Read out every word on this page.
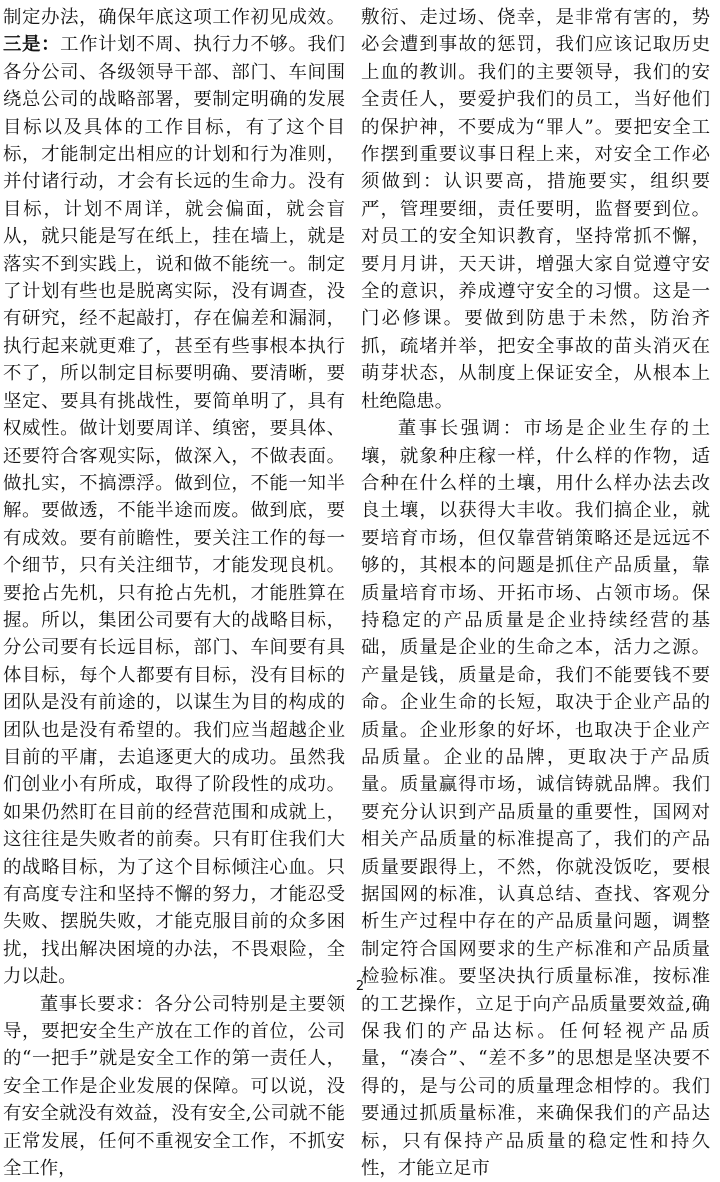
制定办法，确保年底这项工作初见成效。三是：工作计划不周、执行力不够。我们各分公司、各级领导干部、部门、车间围绕总公司的战略部署，要制定明确的发展目标以及具体的工作目标，有了这个目标，才能制定出相应的计划和行为准则，并付诸行动，才会有长远的生命力。没有目标，计划不周详，就会偏面，就会盲从，就只能是写在纸上，挂在墙上，就是落实不到实践上，说和做不能统一。制定了计划有些也是脱离实际，没有调查，没有研究，经不起敲打，存在偏差和漏洞，执行起来就更难了，甚至有些事根本执行不了，所以制定目标要明确、要清晰，要坚定、要具有挑战性，要简单明了，具有权威性。做计划要周详、缜密，要具体、还要符合客观实际，做深入，不做表面。做扎实，不搞漂浮。做到位，不能一知半解。要做透，不能半途而废。做到底，要有成效。要有前瞻性，要关注工作的每一个细节，只有关注细节，才能发现良机。要抢占先机，只有抢占先机，才能胜算在握。所以，集团公司要有大的战略目标，分公司要有长远目标，部门、车间要有具体目标，每个人都要有目标，没有目标的团队是没有前途的，以谋生为目的构成的团队也是没有希望的。我们应当超越企业目前的平庸，去追逐更大的成功。虽然我们创业小有所成，取得了阶段性的成功。如果仍然盯在目前的经营范围和成就上，这往往是失败者的前奏。只有盯住我们大的战略目标，为了这个目标倾注心血。只有高度专注和坚持不懈的努力，才能忍受失败、摆脱失败，才能克服目前的众多困扰，找出解决困境的办法，不畏艰险，全力以赴。

董事长要求：各分公司特别是主要领导，要把安全生产放在工作的首位，公司的“一把手”就是安全工作的第一责任人，安全工作是企业发展的保障。可以说，没有安全就没有效益，没有安全,公司就不能正常发展，任何不重视安全工作，不抓安全工作，

敷衍、走过场、侥幸，是非常有害的，势必会遭到事故的惩罚，我们应该记取历史上血的教训。我们的主要领导，我们的安全责任人，要爱护我们的员工，当好他们的保护神，不要成为“罪人”。要把安全工作摆到重要议事日程上来，对安全工作必须做到：认识要高，措施要实，组织要严，管理要细，责任要明，监督要到位。对员工的安全知识教育，坚持常抓不懈，要月月讲，天天讲，增强大家自觉遵守安全的意识，养成遵守安全的习惯。这是一门必修课。要做到防患于未然，防治齐抓，疏堵并举，把安全事故的苗头消灭在萌芽状态，从制度上保证安全，从根本上杜绝隐患。

董事长强调：市场是企业生存的土壤，就象种庄稼一样，什么样的作物，适合种在什么样的土壤，用什么样办法去改良土壤，以获得大丰收。我们搞企业，就要培育市场，但仅靠营销策略还是远远不够的，其根本的问题是抓住产品质量，靠质量培育市场、开拓市场、占领市场。保持稳定的产品质量是企业持续经营的基础，质量是企业的生命之本，活力之源。产量是钱，质量是命，我们不能要钱不要命。企业生命的长短，取决于企业产品的质量。企业形象的好坏，也取决于企业产品质量。企业的品牌，更取决于产品质量。质量赢得市场，诚信铸就品牌。我们要充分认识到产品质量的重要性，国网对相关产品质量的标准提高了，我们的产品质量要跟得上，不然，你就没饭吃，要根据国网的标准，认真总结、查找、客观分析生产过程中存在的产品质量问题，调整制定符合国网要求的生产标准和产品质量检验标准。要坚决执行质量标准，按标准的工艺操作，立足于向产品质量要效益,确保我们的产品达标。任何轻视产品质量，“凑合”、“差不多”的思想是坚决要不得的，是与公司的质量理念相悖的。我们要通过抓质量标准，来确保我们的产品达标，只有保持产品质量的稳定性和持久性，才能立足市

2
